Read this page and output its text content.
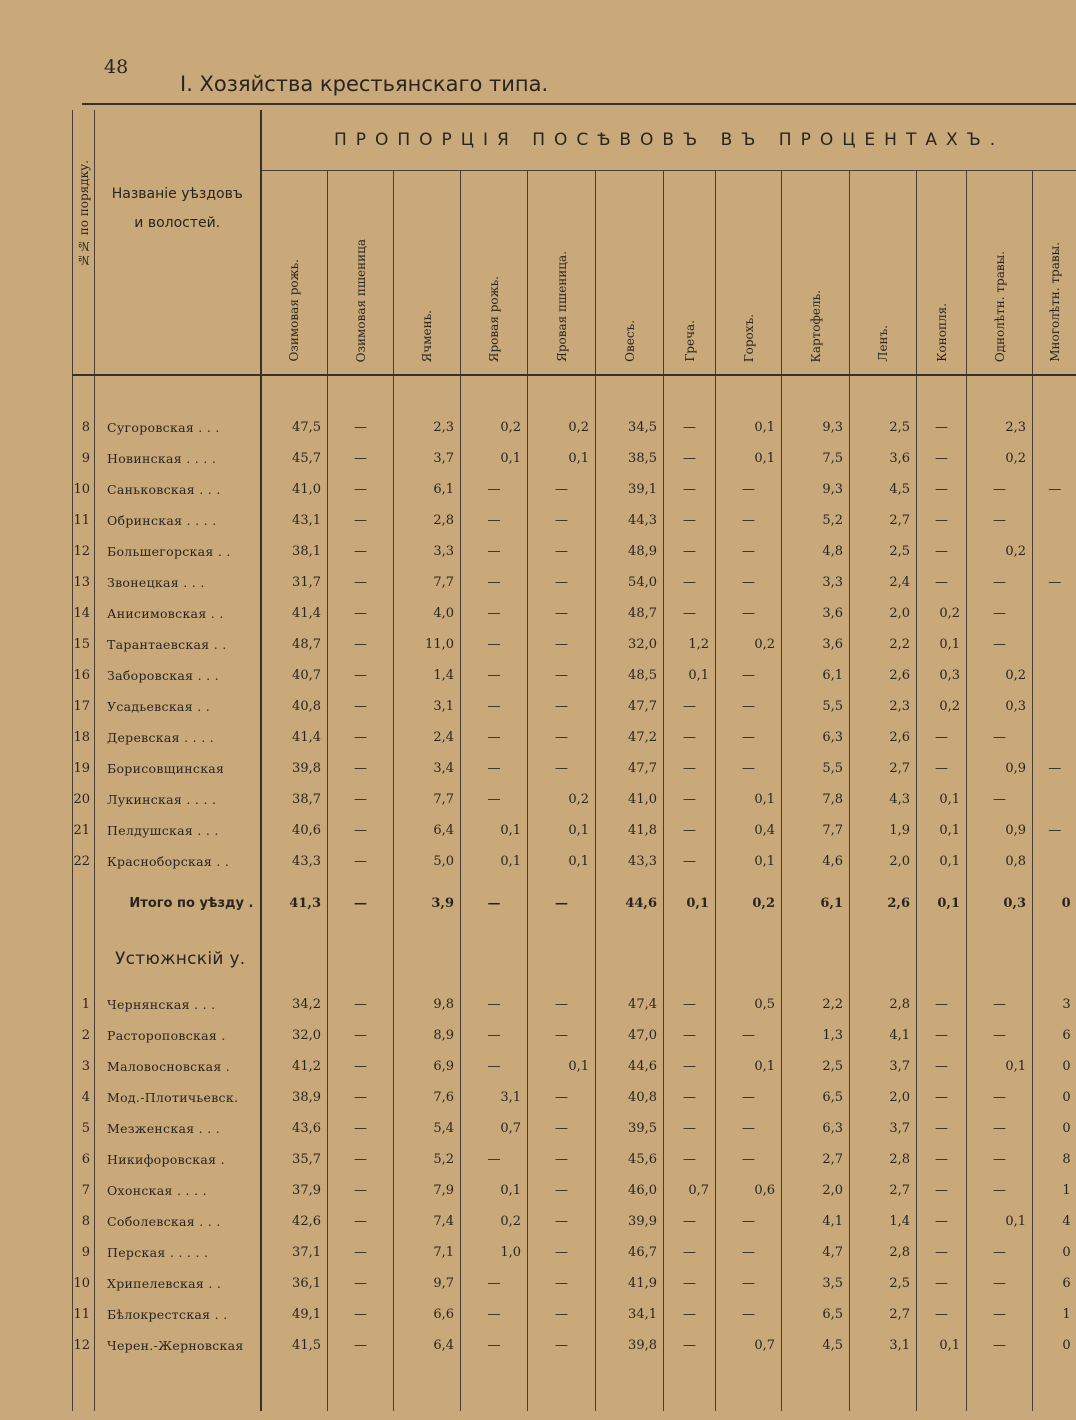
48
I. Хозяйства крестьянскаго типа.
№№ по порядку.	Названіе уѣздовъ
и волостей.	ПРОПОРЦІЯ ПОСѢВОВЪ ВЪ ПРОЦЕНТАХЪ.												
		Озимовая рожь.	Озимовая пшеница	Ячмень.	Яровая рожь.	Яровая пшеница.	Овесъ.	Греча.	Горохъ.	Картофель.	Ленъ.	Конопля.	Однолѣтн. травы.	Многолѣтн. травы.

8	Сугоровская . . .	47,5	—	2,3	0,2	0,2	34,5	—	0,1	9,3	2,5	—	2,3	
9	Новинская . . . .	45,7	—	3,7	0,1	0,1	38,5	—	0,1	7,5	3,6	—	0,2	
10	Саньковская . . .	41,0	—	6,1	—	—	39,1	—	—	9,3	4,5	—	—	—
11	Обринская . . . .	43,1	—	2,8	—	—	44,3	—	—	5,2	2,7	—	—	
12	Большегорская . .	38,1	—	3,3	—	—	48,9	—	—	4,8	2,5	—	0,2	
13	Звонецкая . . .	31,7	—	7,7	—	—	54,0	—	—	3,3	2,4	—	—	—
14	Анисимовская . .	41,4	—	4,0	—	—	48,7	—	—	3,6	2,0	0,2	—	
15	Тарантаевская . .	48,7	—	11,0	—	—	32,0	1,2	0,2	3,6	2,2	0,1	—	
16	Заборовская . . .	40,7	—	1,4	—	—	48,5	0,1	—	6,1	2,6	0,3	0,2	
17	Усадьевская . .	40,8	—	3,1	—	—	47,7	—	—	5,5	2,3	0,2	0,3	
18	Деревская . . . .	41,4	—	2,4	—	—	47,2	—	—	6,3	2,6	—	—	
19	Борисовщинская	39,8	—	3,4	—	—	47,7	—	—	5,5	2,7	—	0,9	—
20	Лукинская . . . .	38,7	—	7,7	—	0,2	41,0	—	0,1	7,8	4,3	0,1	—	
21	Пелдушская . . .	40,6	—	6,4	0,1	0,1	41,8	—	0,4	7,7	1,9	0,1	0,9	—
22	Краснoборская . .	43,3	—	5,0	0,1	0,1	43,3	—	0,1	4,6	2,0	0,1	0,8	
	Итого по уѣзду .	41,3	—	3,9	—	—	44,6	0,1	0,2	6,1	2,6	0,1	0,3	0
	Устюжнскій у.													
1	Чернянская . . .	34,2	—	9,8	—	—	47,4	—	0,5	2,2	2,8	—	—	3
2	Растороповская .	32,0	—	8,9	—	—	47,0	—	—	1,3	4,1	—	—	6
3	Маловосновская .	41,2	—	6,9	—	0,1	44,6	—	0,1	2,5	3,7	—	0,1	0
4	Мод.-Плотичьевск.	38,9	—	7,6	3,1	—	40,8	—	—	6,5	2,0	—	—	0
5	Мезженская . . .	43,6	—	5,4	0,7	—	39,5	—	—	6,3	3,7	—	—	0
6	Никифоровская .	35,7	—	5,2	—	—	45,6	—	—	2,7	2,8	—	—	8
7	Охонская . . . .	37,9	—	7,9	0,1	—	46,0	0,7	0,6	2,0	2,7	—	—	1
8	Соболевская . . .	42,6	—	7,4	0,2	—	39,9	—	—	4,1	1,4	—	0,1	4
9	Перская . . . . .	37,1	—	7,1	1,0	—	46,7	—	—	4,7	2,8	—	—	0
10	Хрипелевская . .	36,1	—	9,7	—	—	41,9	—	—	3,5	2,5	—	—	6
11	Бѣлокрестская . .	49,1	—	6,6	—	—	34,1	—	—	6,5	2,7	—	—	1
12	Черен.-Жерновская	41,5	—	6,4	—	—	39,8	—	0,7	4,5	3,1	0,1	—	0
